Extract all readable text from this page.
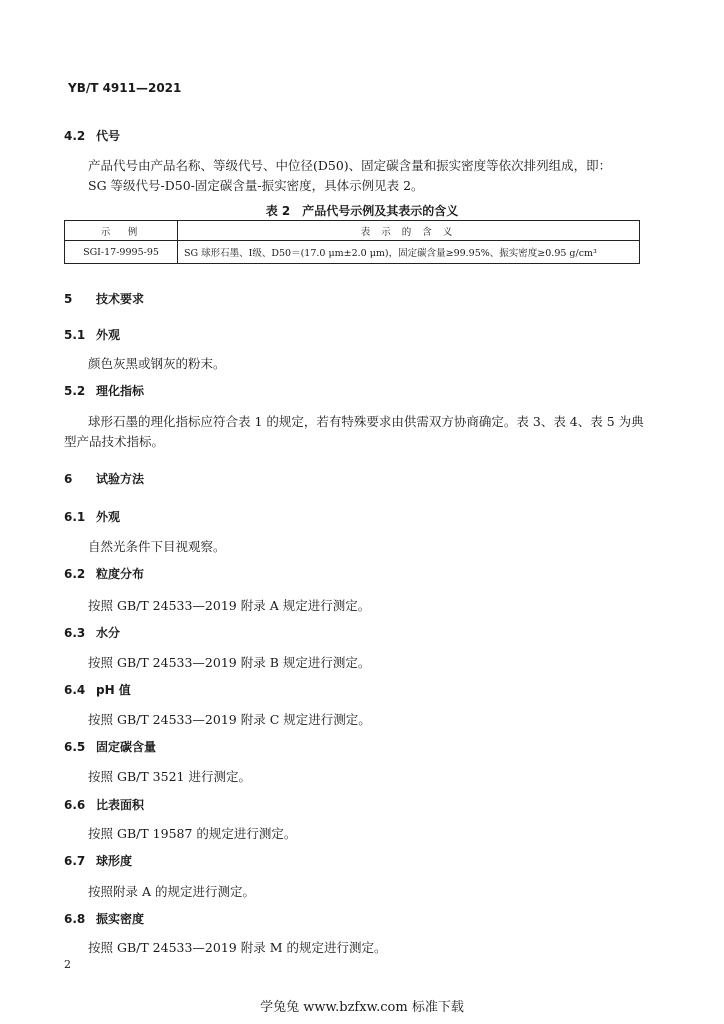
YB/T 4911—2021
4.2 代号
产品代号由产品名称、等级代号、中位径(D50)、固定碳含量和振实密度等依次排列组成，即：
SG 等级代号-D50-固定碳含量-振实密度，具体示例见表 2。
表 2　产品代号示例及其表示的含义
示　例	表 示 的 含 义
SGⅠ-17-9995-95	SG 球形石墨、Ⅰ级、D50＝(17.0 μm±2.0 μm)，固定碳含量≥99.95%、振实密度≥0.95 g/cm³
5 技术要求
5.1 外观
颜色灰黑或钢灰的粉末。
5.2 理化指标
球形石墨的理化指标应符合表 1 的规定，若有特殊要求由供需双方协商确定。表 3、表 4、表 5 为典
型产品技术指标。
6 试验方法
6.1 外观
自然光条件下目视观察。
6.2 粒度分布
按照 GB/T 24533—2019 附录 A 规定进行测定。
6.3 水分
按照 GB/T 24533—2019 附录 B 规定进行测定。
6.4 pH 值
按照 GB/T 24533—2019 附录 C 规定进行测定。
6.5 固定碳含量
按照 GB/T 3521 进行测定。
6.6 比表面积
按照 GB/T 19587 的规定进行测定。
6.7 球形度
按照附录 A 的规定进行测定。
6.8 振实密度
按照 GB/T 24533—2019 附录 M 的规定进行测定。
2
学兔兔 www.bzfxw.com 标准下载
